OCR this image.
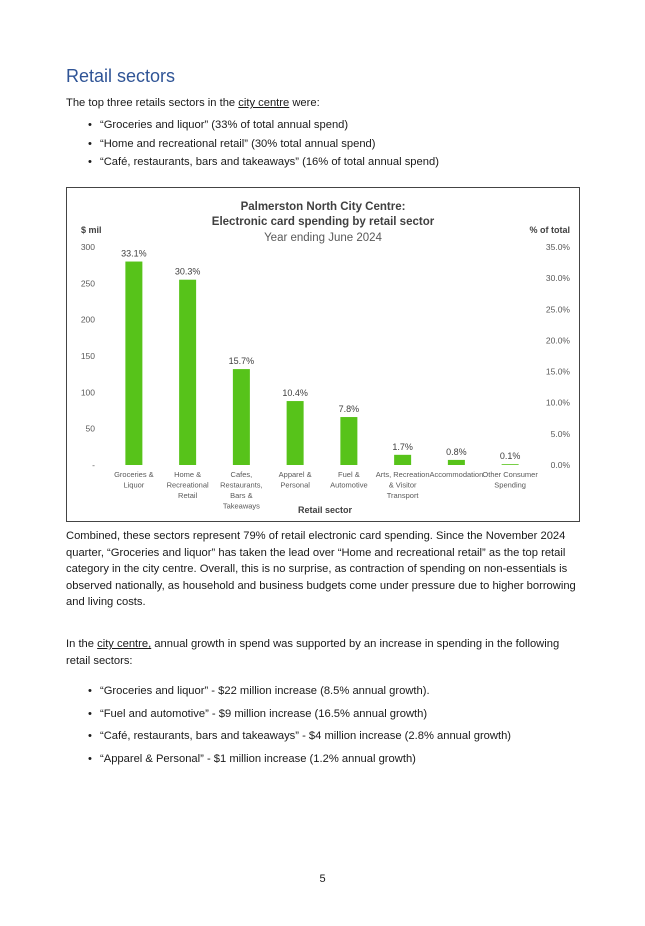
Retail sectors

The top three retails sectors in the city centre were:

• “Groceries and liquor” (33% of total annual spend)
• “Home and recreational retail” (30% total annual spend)
• “Café, restaurants, bars and takeaways” (16% of total annual spend)
Palmerston North City Centre:
Electronic card spending by retail sector
Year ending June 2024
$ mil	% of total
Retail sector
300
250
200
150
100
50
-
35.0%
30.0%
25.0%
20.0%
15.0%
10.0%
5.0%
0.0%
33.1%
30.3%
15.7%
10.4%
7.8%
1.7%
0.8%	0.1%
Groceries &
Liquor
Home &
Recreational
Retail
Cafes,
Restaurants,
Bars &
Takeaways
Apparel &
Personal
Fuel &
Automotive
Arts, Recreation
& Visitor
Transport
Accommodation Other Consumer
Spending

Combined, these sectors represent 79% of retail electronic card spending. Since the November 2024 quarter, “Groceries and liquor” has taken the lead over “Home and recreational retail” as the top retail category in the city centre. Overall, this is no surprise, as contraction of spending on non-essentials is observed nationally, as household and business budgets come under pressure due to higher borrowing and living costs.

In the city centre, annual growth in spend was supported by an increase in spending in the following retail sectors:

• “Groceries and liquor” - $22 million increase (8.5% annual growth).
• “Fuel and automotive” - $9 million increase (16.5% annual growth)
• “Café, restaurants, bars and takeaways” - $4 million increase (2.8% annual growth)
• “Apparel & Personal” - $1 million increase (1.2% annual growth)
5
